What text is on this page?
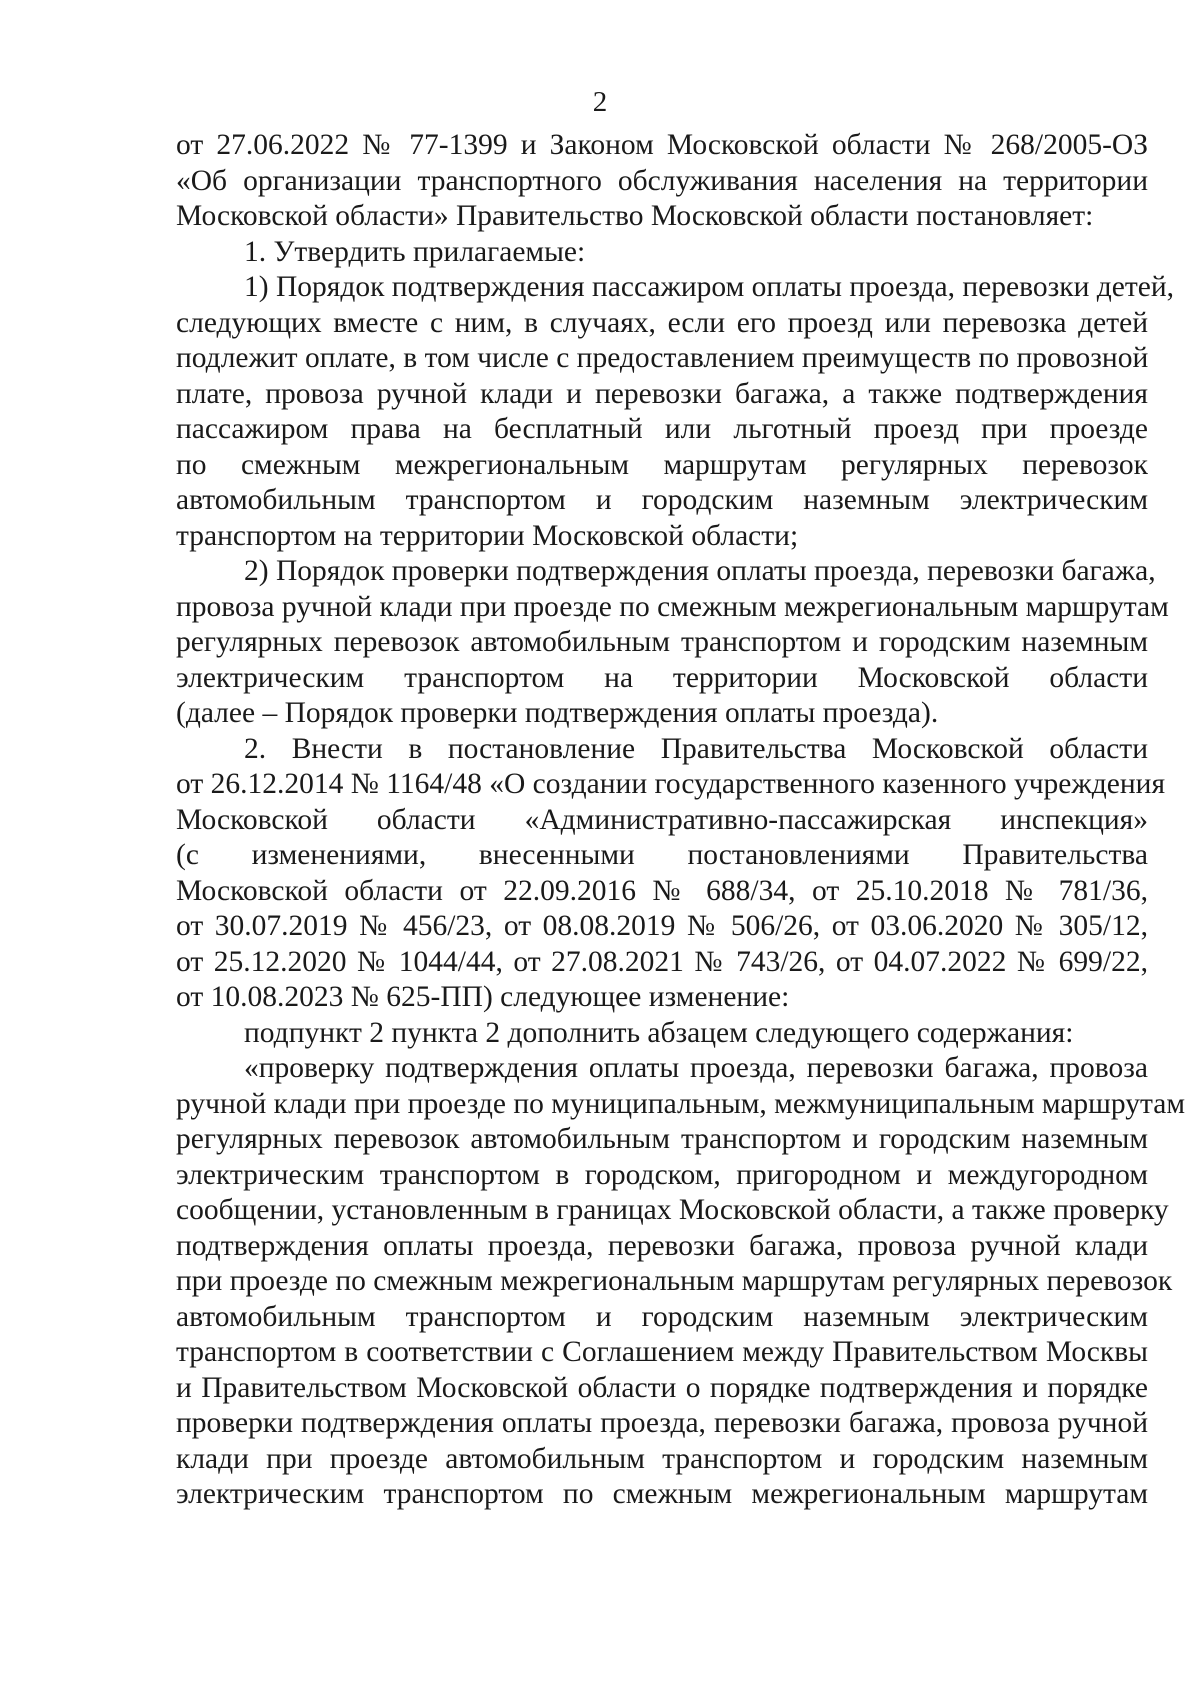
2
от 27.06.2022 № 77-1399 и Законом Московской области № 268/2005-ОЗ
«Об организации транспортного обслуживания населения на территории
Московской области» Правительство Московской области постановляет:
1. Утвердить прилагаемые:
1) Порядок подтверждения пассажиром оплаты проезда, перевозки детей,
следующих вместе с ним, в случаях, если его проезд или перевозка детей
подлежит оплате, в том числе с предоставлением преимуществ по провозной
плате, провоза ручной клади и перевозки багажа, а также подтверждения
пассажиром права на бесплатный или льготный проезд при проезде
по смежным межрегиональным маршрутам регулярных перевозок
автомобильным транспортом и городским наземным электрическим
транспортом на территории Московской области;
2) Порядок проверки подтверждения оплаты проезда, перевозки багажа,
провоза ручной клади при проезде по смежным межрегиональным маршрутам
регулярных перевозок автомобильным транспортом и городским наземным
электрическим транспортом на территории Московской области
(далее – Порядок проверки подтверждения оплаты проезда).
2. Внести в постановление Правительства Московской области
от 26.12.2014 № 1164/48 «О создании государственного казенного учреждения
Московской области «Административно-пассажирская инспекция»
(с изменениями, внесенными постановлениями Правительства
Московской области от 22.09.2016 № 688/34, от 25.10.2018 № 781/36,
от 30.07.2019 № 456/23, от 08.08.2019 № 506/26, от 03.06.2020 № 305/12,
от 25.12.2020 № 1044/44, от 27.08.2021 № 743/26, от 04.07.2022 № 699/22,
от 10.08.2023 № 625-ПП) следующее изменение:
подпункт 2 пункта 2 дополнить абзацем следующего содержания:
«проверку подтверждения оплаты проезда, перевозки багажа, провоза
ручной клади при проезде по муниципальным, межмуниципальным маршрутам
регулярных перевозок автомобильным транспортом и городским наземным
электрическим транспортом в городском, пригородном и междугородном
сообщении, установленным в границах Московской области, а также проверку
подтверждения оплаты проезда, перевозки багажа, провоза ручной клади
при проезде по смежным межрегиональным маршрутам регулярных перевозок
автомобильным транспортом и городским наземным электрическим
транспортом в соответствии с Соглашением между Правительством Москвы
и Правительством Московской области о порядке подтверждения и порядке
проверки подтверждения оплаты проезда, перевозки багажа, провоза ручной
клади при проезде автомобильным транспортом и городским наземным
электрическим транспортом по смежным межрегиональным маршрутам
